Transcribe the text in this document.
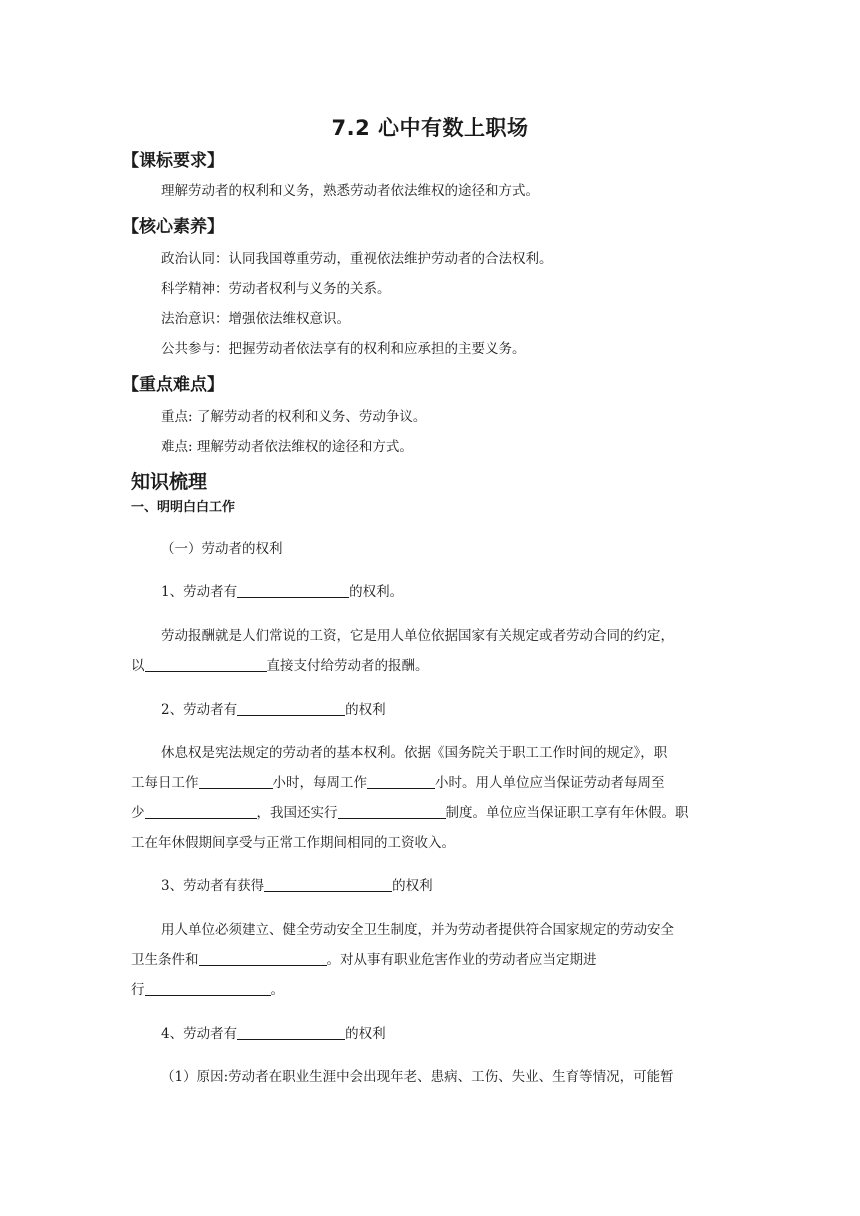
7.2 心中有数上职场
【课标要求】
理解劳动者的权利和义务，熟悉劳动者依法维权的途径和方式。
【核心素养】
政治认同：认同我国尊重劳动，重视依法维护劳动者的合法权利。
科学精神：劳动者权利与义务的关系。
法治意识：增强依法维权意识。
公共参与：把握劳动者依法享有的权利和应承担的主要义务。
【重点难点】
重点: 了解劳动者的权利和义务、劳动争议。
难点: 理解劳动者依法维权的途径和方式。
知识梳理
一、明明白白工作
（一）劳动者的权利
1、劳动者有	的权利。
劳动报酬就是人们常说的工资，它是用人单位依据国家有关规定或者劳动合同的约定，
以	直接支付给劳动者的报酬。
2、劳动者有	的权利
休息权是宪法规定的劳动者的基本权利。依据《国务院关于职工工作时间的规定》，职
工每日工作	小时，每周工作	小时。用人单位应当保证劳动者每周至
少	，我国还实行	制度。单位应当保证职工享有年休假。职
工在年休假期间享受与正常工作期间相同的工资收入。
3、劳动者有获得	的权利
用人单位必须建立、健全劳动安全卫生制度，并为劳动者提供符合国家规定的劳动安全
卫生条件和	。对从事有职业危害作业的劳动者应当定期进
行	。
4、劳动者有	的权利
（1）原因:劳动者在职业生涯中会出现年老、患病、工伤、失业、生育等情况，可能暂
